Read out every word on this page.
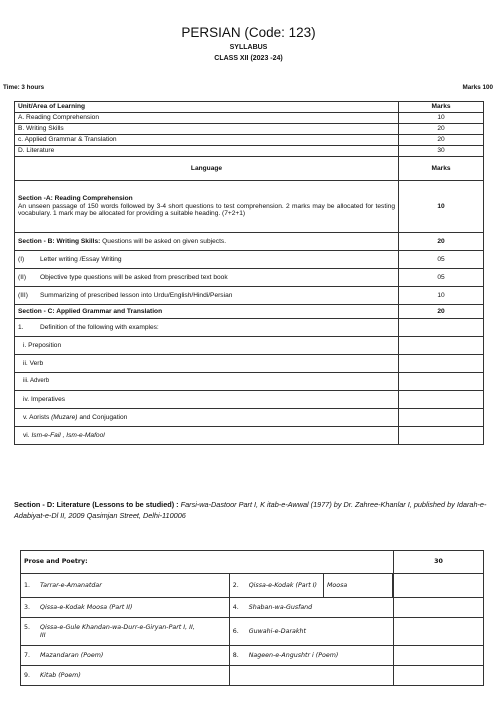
PERSIAN (Code: 123)
SYLLABUS
CLASS XII (2023 -24)
Time: 3 hours	Marks 100
Unit/Area of Learning	Marks
A. Reading Comprehension	10
B. Writing Skills	20
c. Applied Grammar & Translation	20
D. Literature	30
Language	Marks

Section -A: Reading Comprehension
An unseen passage of 150 words followed by 3-4 short questions to test comprehension. 2 marks may be allocated for testing vocabulary. 1 mark may be allocated for providing a suitable heading. (7+2+1)	10
Section - B: Writing Skills: Questions will be asked on given subjects.	20
(I) Letter writing /Essay Writing	05
(II) Objective type questions will be asked from prescribed text book	05
(III) Summarizing of prescribed lesson into Urdu/English/Hindi/Persian	10
Section - C: Applied Grammar and Translation	20
1. Definition of the following with examples:	
i. Preposition	
ii. Verb	
iii. Adverb	
iv. Imperatives	
v. Aorists (Muzare) and Conjugation	
vi. Ism-e-Fail , Ism-e-Mafool	
Section - D: Literature (Lessons to be studied) : Farsi-wa-Dastoor Part I, K itab-e-Awwal (1977) by Dr. Zahree-Khanlar I, published by Idarah-e-Adabiyat-e-Dl II, 2009 Qasimjan Street, Delhi-110006
Prose and Poetry:			30
1. Tarrar-e-Amanatdar	2. Qissa-e-Kodak (Part I)	Moosa		
3. Qissa-e-Kodak Moosa (Part II)	4. Shaban-wa-Gusfand		
5. Qissa-e-Gule Khandan-wa-Durr-e-Giryan-Part I, II, III	6. Guwahi-e-Darakht		
7. Mazandaran (Poem)	8. Nageen-e-Angushtr i (Poem)		
9. Kitab (Poem)			
